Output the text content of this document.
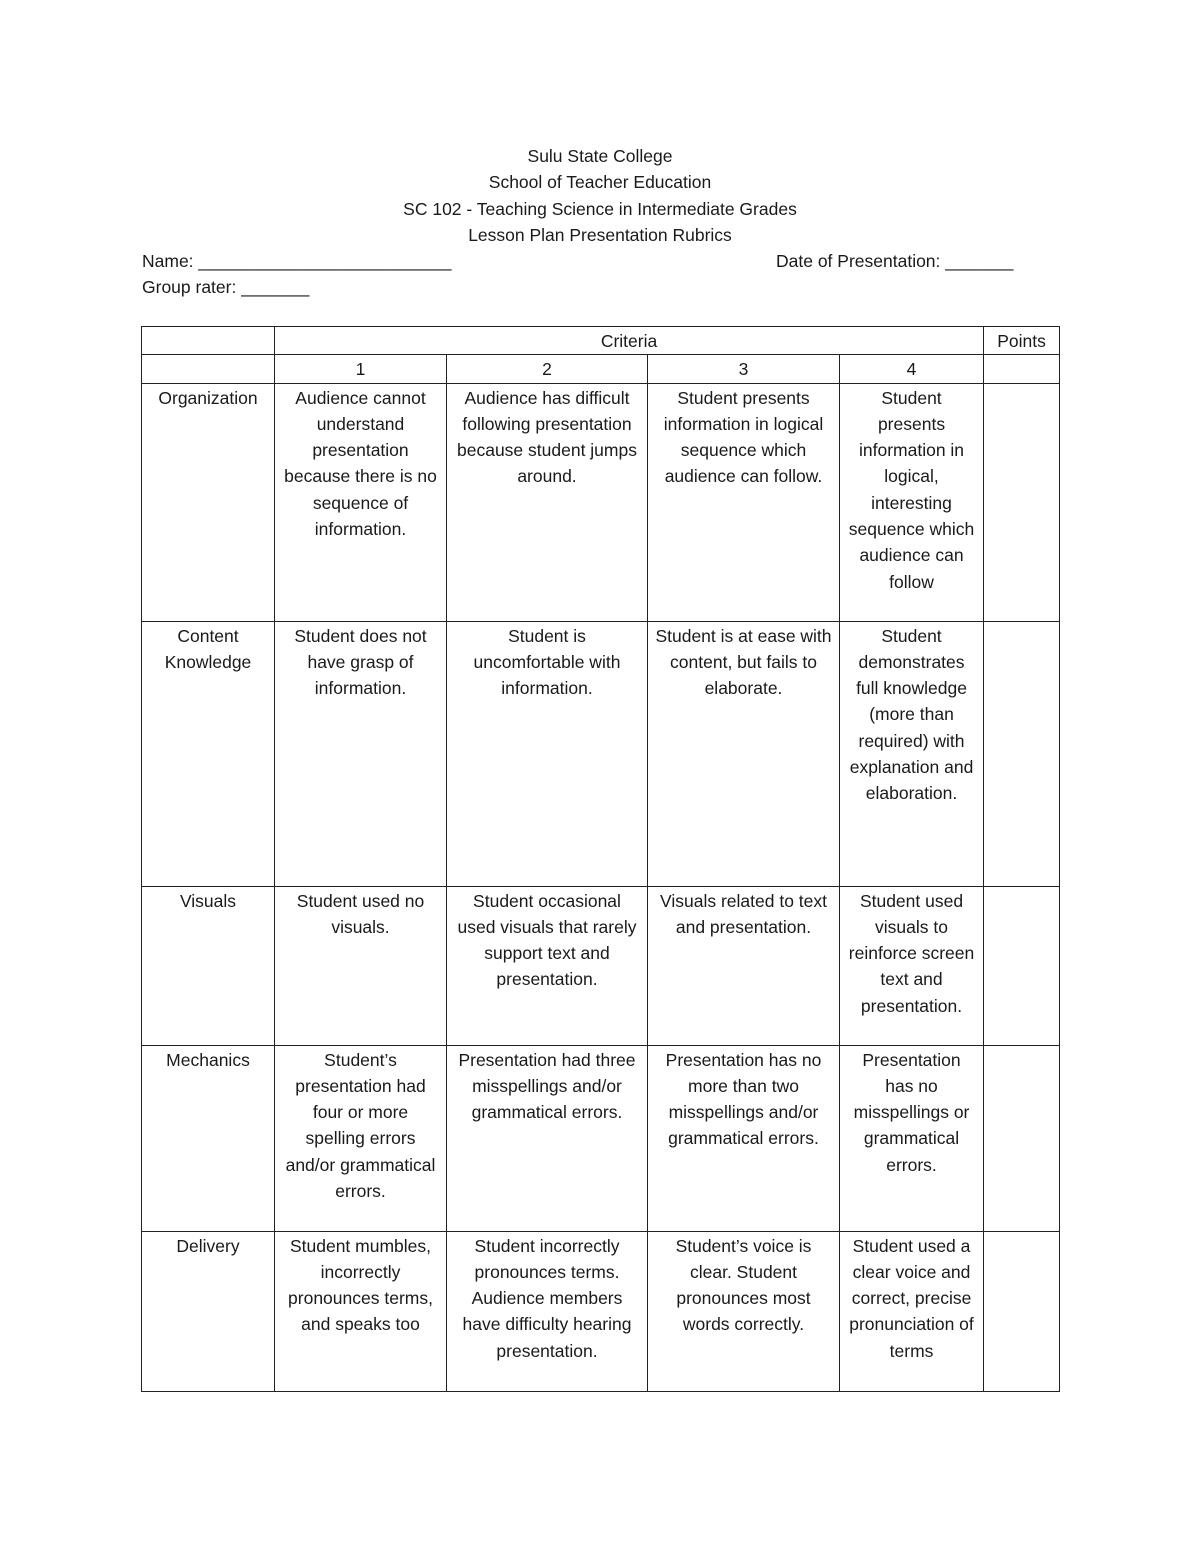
Sulu State College
School of Teacher Education
SC 102 - Teaching Science in Intermediate Grades
Lesson Plan Presentation Rubrics
Name: __________________________	Date of Presentation: _______
Group rater: _______
	Criteria				Points
	1	2	3	4	
Organization	Audience cannot understand presentation because there is no sequence of information.	Audience has difficult following presentation because student jumps around.	Student presents information in logical sequence which audience can follow.	Student presents information in logical, interesting sequence which audience can follow	
Content Knowledge	Student does not have grasp of information.	Student is uncomfortable with information.	Student is at ease with content, but fails to elaborate.	Student demonstrates full knowledge (more than required) with explanation and elaboration.	
Visuals	Student used no visuals.	Student occasional used visuals that rarely support text and presentation.	Visuals related to text and presentation.	Student used visuals to reinforce screen text and presentation.	
Mechanics	Student’s presentation had four or more spelling errors and/or grammatical errors.	Presentation had three misspellings and/or grammatical errors.	Presentation has no more than two misspellings and/or grammatical errors.	Presentation has no misspellings or grammatical errors.	
Delivery	Student mumbles, incorrectly pronounces terms, and speaks too	Student incorrectly pronounces terms. Audience members have difficulty hearing presentation.	Student’s voice is clear. Student pronounces most words correctly.	Student used a clear voice and correct, precise pronunciation of terms	
